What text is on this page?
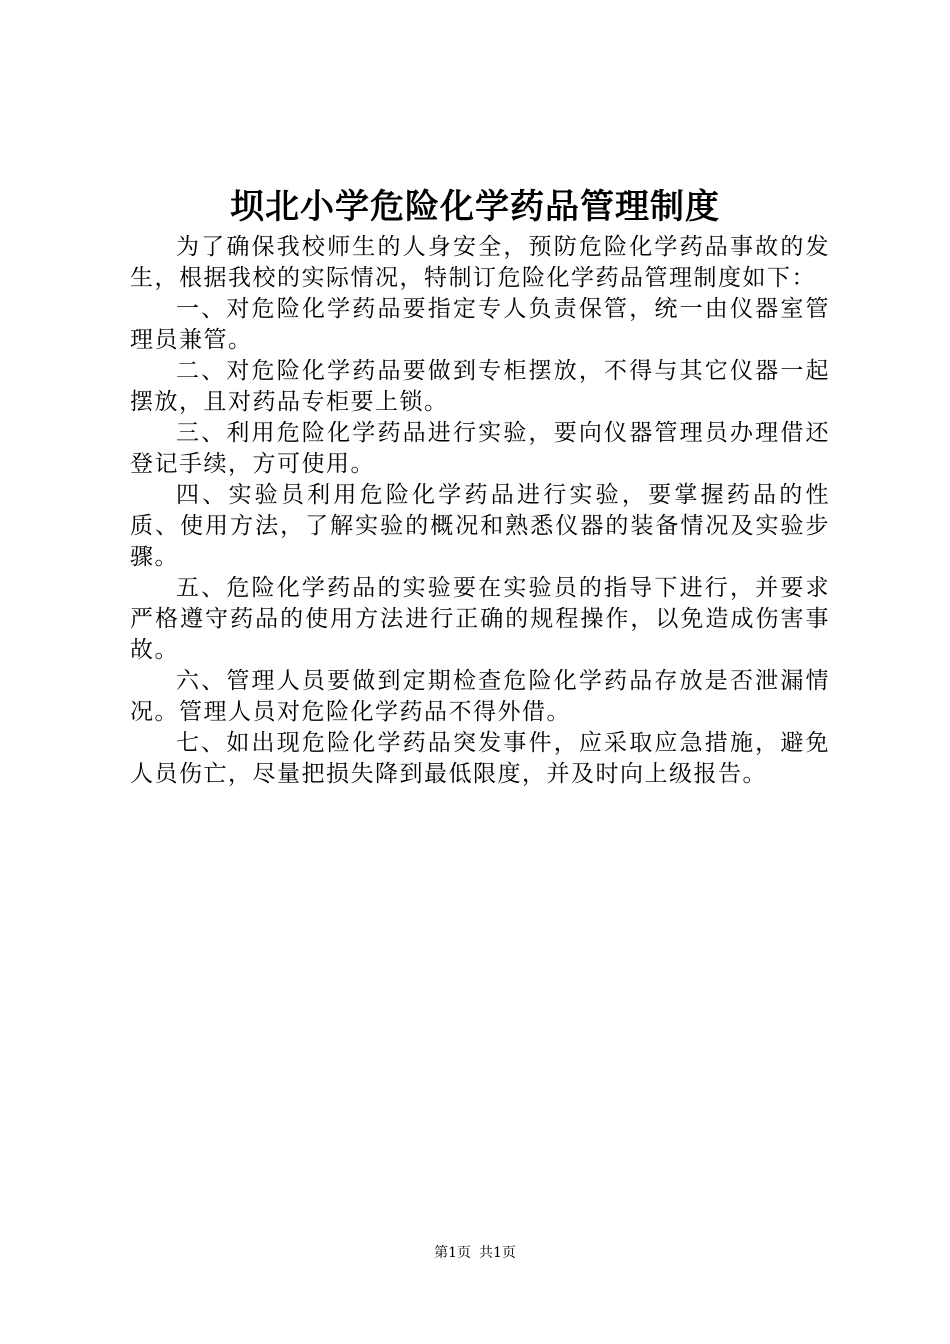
坝北小学危险化学药品管理制度

为了确保我校师生的人身安全，预防危险化学药品事故的发生，根据我校的实际情况，特制订危险化学药品管理制度如下：

一、对危险化学药品要指定专人负责保管，统一由仪器室管理员兼管。

二、对危险化学药品要做到专柜摆放，不得与其它仪器一起摆放，且对药品专柜要上锁。

三、利用危险化学药品进行实验，要向仪器管理员办理借还登记手续，方可使用。

四、实验员利用危险化学药品进行实验，要掌握药品的性质、使用方法，了解实验的概况和熟悉仪器的装备情况及实验步骤。

五、危险化学药品的实验要在实验员的指导下进行，并要求严格遵守药品的使用方法进行正确的规程操作，以免造成伤害事故。

六、管理人员要做到定期检查危险化学药品存放是否泄漏情况。管理人员对危险化学药品不得外借。

七、如出现危险化学药品突发事件，应采取应急措施，避免人员伤亡，尽量把损失降到最低限度，并及时向上级报告。

第1页 共1页
